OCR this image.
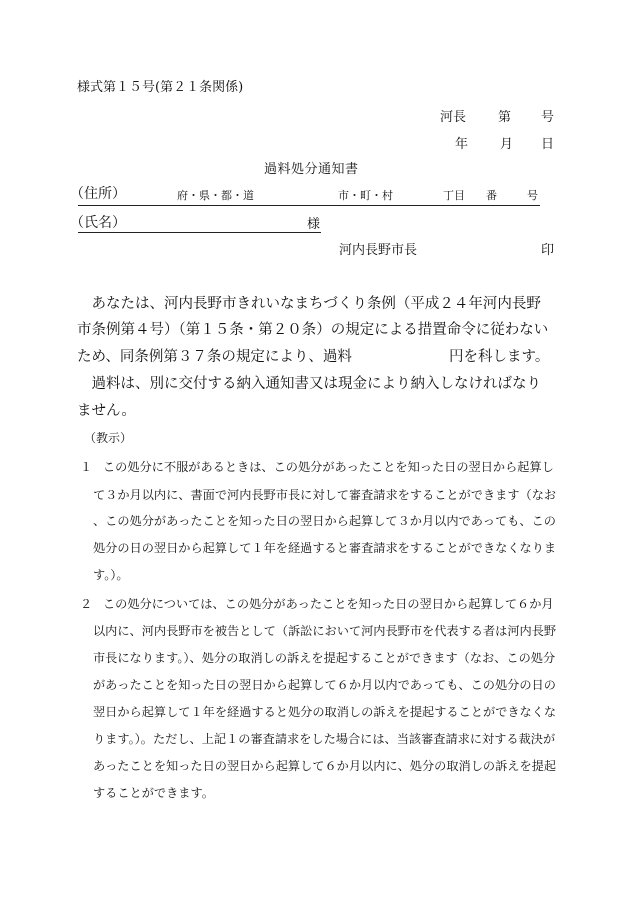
様式第１５号(第２１条関係)
河長 第 号
年 月 日
過料処分通知書
（住所）	府・県・都・道	市・町・村	丁目 番	号
（氏名）	様
河内長野市長	印
　あなたは、河内長野市きれいなまちづくり条例（平成２４年河内長野
市条例第４号）（第１５条・第２０条）の規定による措置命令に従わない
ため、同条例第３７条の規定により、過料	円を科します。
　過料は、別に交付する納入通知書又は現金により納入しなければなり
ません。
（教示）
１ この処分に不服があるときは、この処分があったことを知った日の翌日から起算し
て３か月以内に、書面で河内長野市長に対して審査請求をすることができます（なお
、この処分があったことを知った日の翌日から起算して３か月以内であっても、この
処分の日の翌日から起算して１年を経過すると審査請求をすることができなくなりま
す。）。
２ この処分については、この処分があったことを知った日の翌日から起算して６か月
以内に、河内長野市を被告として（訴訟において河内長野市を代表する者は河内長野
市長になります。）、処分の取消しの訴えを提起することができます（なお、この処分
があったことを知った日の翌日から起算して６か月以内であっても、この処分の日の
翌日から起算して１年を経過すると処分の取消しの訴えを提起することができなくな
ります。）。ただし、上記１の審査請求をした場合には、当該審査請求に対する裁決が
あったことを知った日の翌日から起算して６か月以内に、処分の取消しの訴えを提起
することができます。
